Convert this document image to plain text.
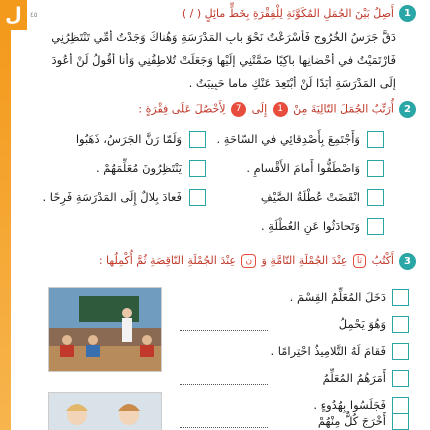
ل	٤٥	1
أَصِلُ بَيْنَ الجُمَلِ المُكَوَّنَةِ لِلْفِقْرَةِ بِخَطٍّ مائِلٍ ( / )
دَقَّ جَرَسُ الخُرُوجِ فَأَسْرَعْتُ نَحْوَ بابِ المَدْرَسَةِ وَهُناكَ وَجَدْتُ أُمِّي تَنْتَظِرُنِي
فَارْتَمَيْتُ في أَحْضانِها باكِيًا ضَمَّتْنِي إِلَيْها وَجَعَلَتْ تُلاطِفُنِي وَأَنا أَقُولُ لَنْ أَعُودَ
إِلَى المَدْرَسَةِ أَبَدًا لَنْ أَبْتَعِدَ عَنْكِ ماما حَبِيبَتُ .
2
أُرَتِّبُ الجُمَلَ التّالِيَةَ مِنْ 1 إِلَى 7 لِأَحْصُلَ عَلَى فِقْرَةٍ :
وَأَجْتَمِعَ بِأَصْدِقائِي في السّاحَةِ .
وَاصْطَفُّوا أَمامَ الأَقْسامِ .
انْقَضَتْ عُطْلَةُ الصَّيْفِ
وَتَحادَثُوا عَنِ العُطْلَةِ .
وَلَمّا رَنَّ الجَرَسُ، ذَهَبُوا
يَنْتَظِرُونَ مُعَلِّمَهُمْ .
فَعادَ بِلالٌ إِلَى المَدْرَسَةِ فَرِحًا .
3
أَكْتُبُ تا عِنْدَ الجُمْلَةِ التّامَّةِ وَ ن عِنْدَ الجُمْلَةِ النّاقِصَةِ ثُمَّ أُكْمِلُها :
دَخَلَ المُعَلِّمُ القِسْمَ .
وَهُوَ يَحْمِلُ
فَقامَ لَهُ التَّلامِيذُ احْتِرامًا .
أَمَرَهُمُ المُعَلِّمُ
فَجَلَسُوا بِهُدُوءٍ .
أَخْرَجَ كُلٌّ مِنْهُمْ
